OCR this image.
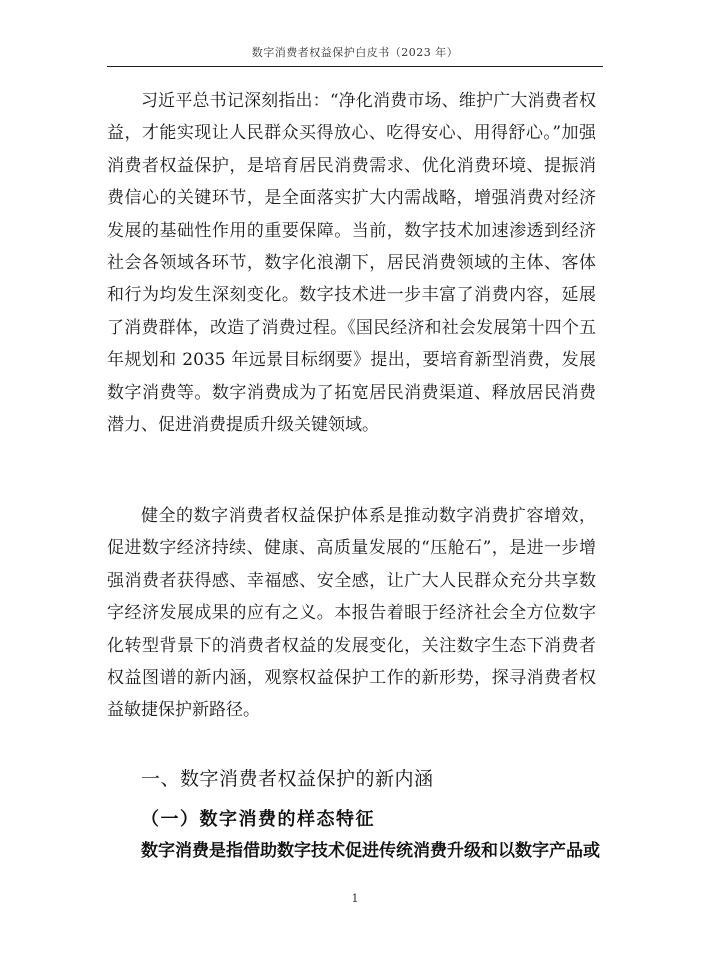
数字消费者权益保护白皮书（2023 年）

习近平总书记深刻指出：“净化消费市场、维护广大消费者权益，才能实现让人民群众买得放心、吃得安心、用得舒心。”加强消费者权益保护，是培育居民消费需求、优化消费环境、提振消费信心的关键环节，是全面落实扩大内需战略，增强消费对经济发展的基础性作用的重要保障。当前，数字技术加速渗透到经济社会各领域各环节，数字化浪潮下，居民消费领域的主体、客体和行为均发生深刻变化。数字技术进一步丰富了消费内容，延展了消费群体，改造了消费过程。《国民经济和社会发展第十四个五年规划和 2035 年远景目标纲要》提出，要培育新型消费，发展数字消费等。数字消费成为了拓宽居民消费渠道、释放居民消费潜力、促进消费提质升级关键领域。

健全的数字消费者权益保护体系是推动数字消费扩容增效，促进数字经济持续、健康、高质量发展的“压舱石”，是进一步增强消费者获得感、幸福感、安全感，让广大人民群众充分共享数字经济发展成果的应有之义。本报告着眼于经济社会全方位数字化转型背景下的消费者权益的发展变化，关注数字生态下消费者权益图谱的新内涵，观察权益保护工作的新形势，探寻消费者权益敏捷保护新路径。

一、数字消费者权益保护的新内涵
（一）数字消费的样态特征

数字消费是指借助数字技术促进传统消费升级和以数字产品或

1
